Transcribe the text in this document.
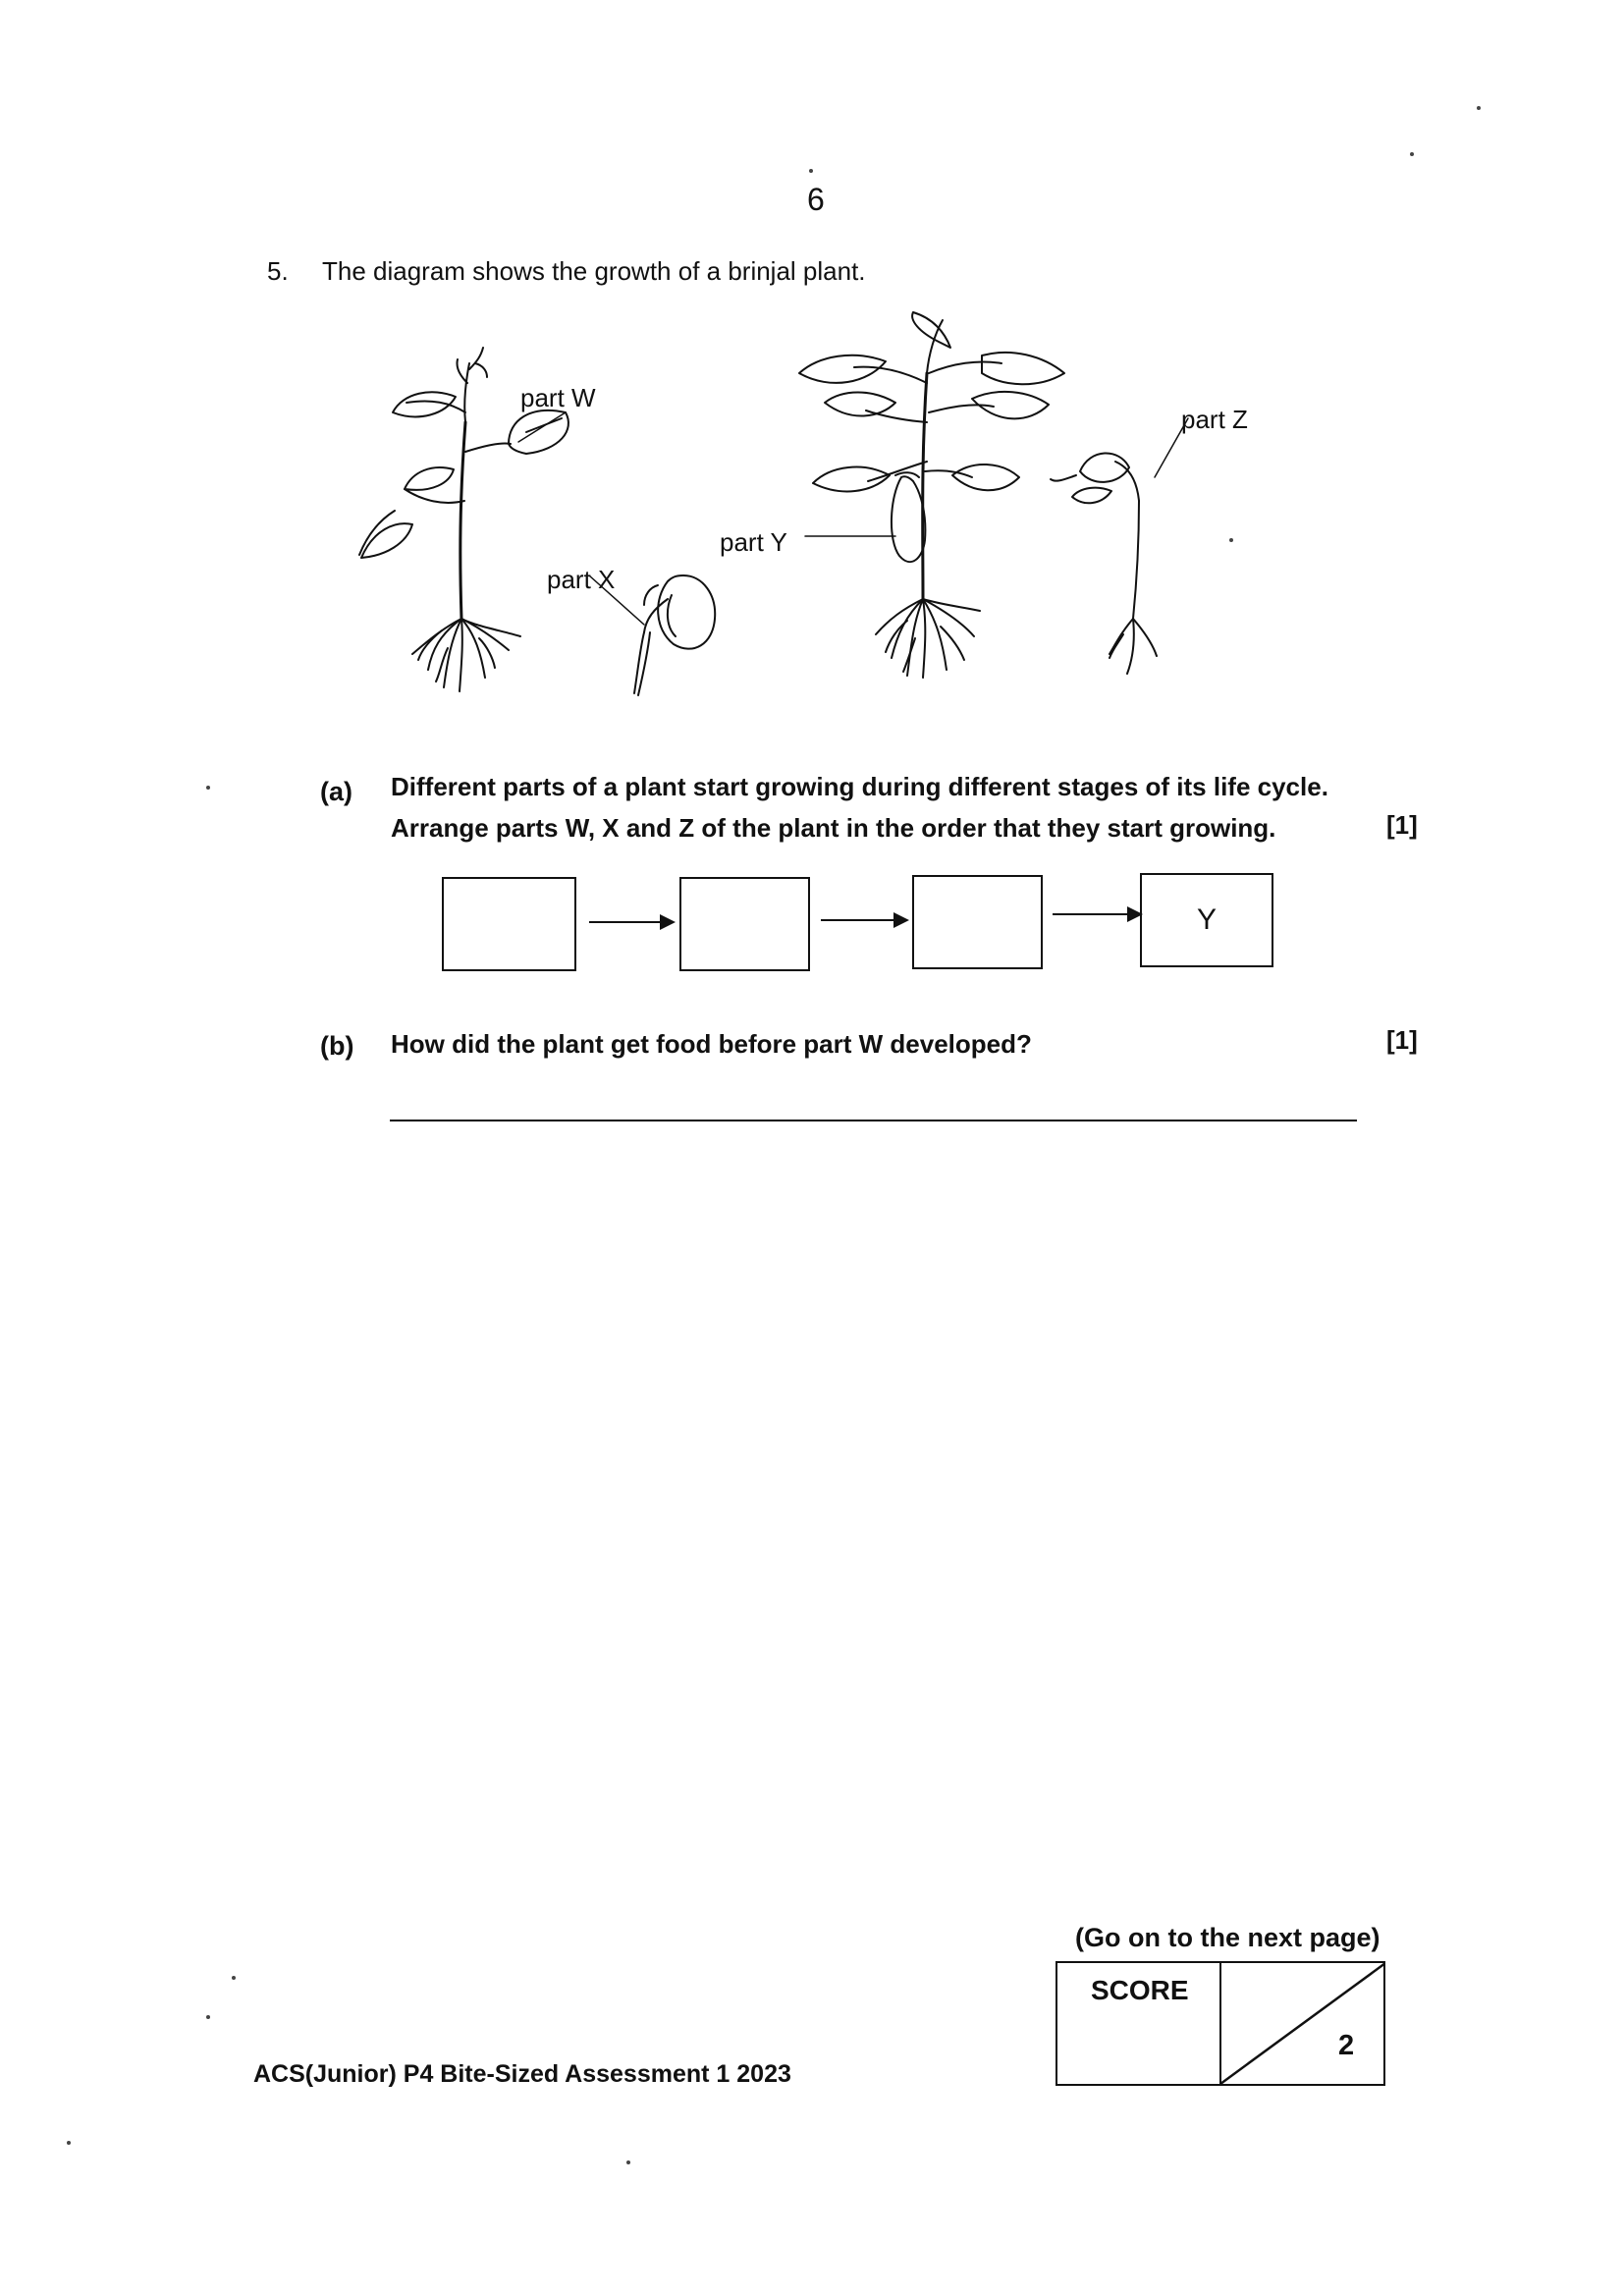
6
5. The diagram shows the growth of a brinjal plant.
part W
part X
part Y
part Z
(a) Different parts of a plant start growing during different stages of its life cycle.
Arrange parts W, X and Z of the plant in the order that they start growing.	[1]
Y
(b) How did the plant get food before part W developed?	[1]
(Go on to the next page)
SCORE
2
ACS(Junior) P4 Bite-Sized Assessment 1 2023
